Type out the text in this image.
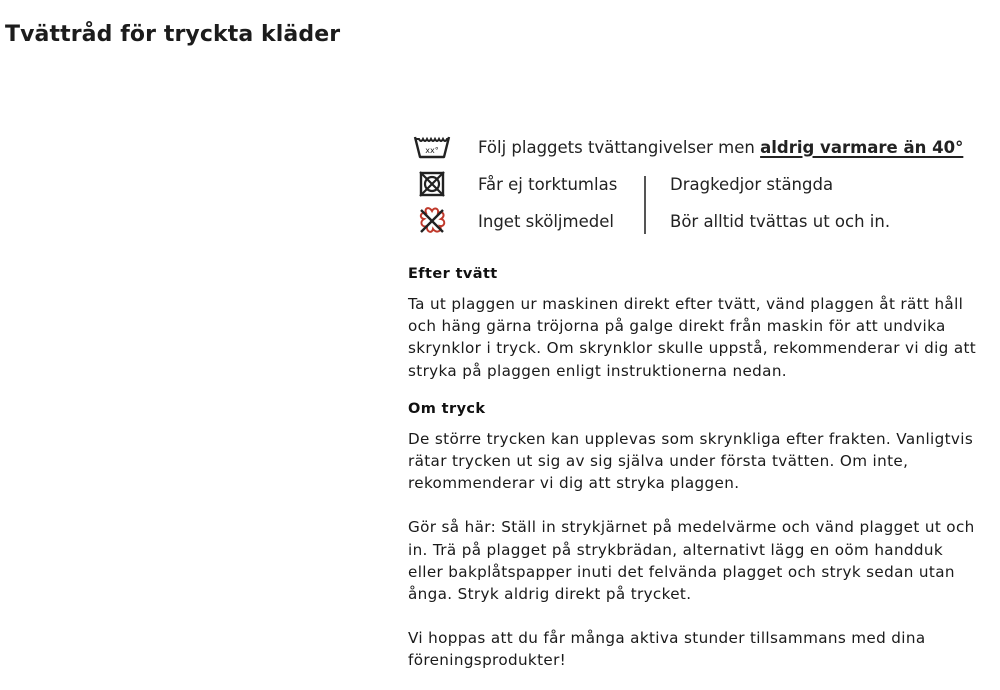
Tvättråd för tryckta kläder
xx° Följ plaggets tvättangivelser men aldrig varmare än 40°
Får ej torktumlas	Dragkedjor stängda
Inget sköljmedel	Bör alltid tvättas ut och in.
Efter tvätt

Ta ut plaggen ur maskinen direkt efter tvätt, vänd plaggen åt rätt håll och häng gärna tröjorna på galge direkt från maskin för att undvika skrynklor i tryck. Om skrynklor skulle uppstå, rekommenderar vi dig att stryka på plaggen enligt instruktionerna nedan.

Om tryck

De större trycken kan upplevas som skrynkliga efter frakten. Vanligtvis rätar trycken ut sig av sig själva under första tvätten. Om inte, rekommenderar vi dig att stryka plaggen.

Gör så här: Ställ in strykjärnet på medelvärme och vänd plagget ut och in. Trä på plagget på strykbrädan, alternativt lägg en oöm handduk eller bakplåtspapper inuti det felvända plagget och stryk sedan utan ånga. Stryk aldrig direkt på trycket.

Vi hoppas att du får många aktiva stunder tillsammans med dina föreningsprodukter!
